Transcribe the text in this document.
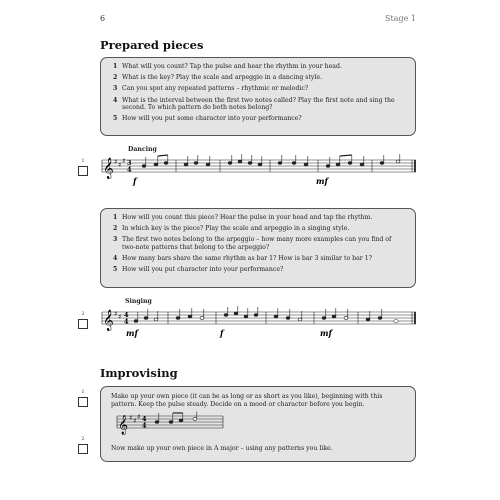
6	Stage 1
Prepared pieces
1 What will you count? Tap the pulse and hear the rhythm in your head.
2 What is the key? Play the scale and arpeggio in a dancing style.
3 Can you spot any repeated patterns – rhythmic or melodic?
4 What is the interval between the first two notes called? Play the first note and sing the second. To which pattern do both notes belong?
5 How will you put some character into your performance?
1
Dancing
𝄞 ♯ ♯ ♯ 3
4
f	mf
1 How will you count this piece? Hear the pulse in your head and tap the rhythm.
2 In which key is the piece? Play the scale and arpeggio in a singing style.
3 The first two notes belong to the arpeggio – how many more examples can you find of two-note patterns that belong to the arpeggio?
4 How many bars share the same rhythm as bar 1? How is bar 3 similar to bar 1?
5 How will you put character into your performance?
2
Singing
𝄞 ♯ ♯ 4
4
mf	f	mf
Improvising
1
2
Make up your own piece (it can be as long or as short as you like), beginning with this pattern. Keep the pulse steady. Decide on a mood or character before you begin.
𝄞 ♯ ♯ ♯ 4
4
Now make up your own piece in A major – using any patterns you like.
